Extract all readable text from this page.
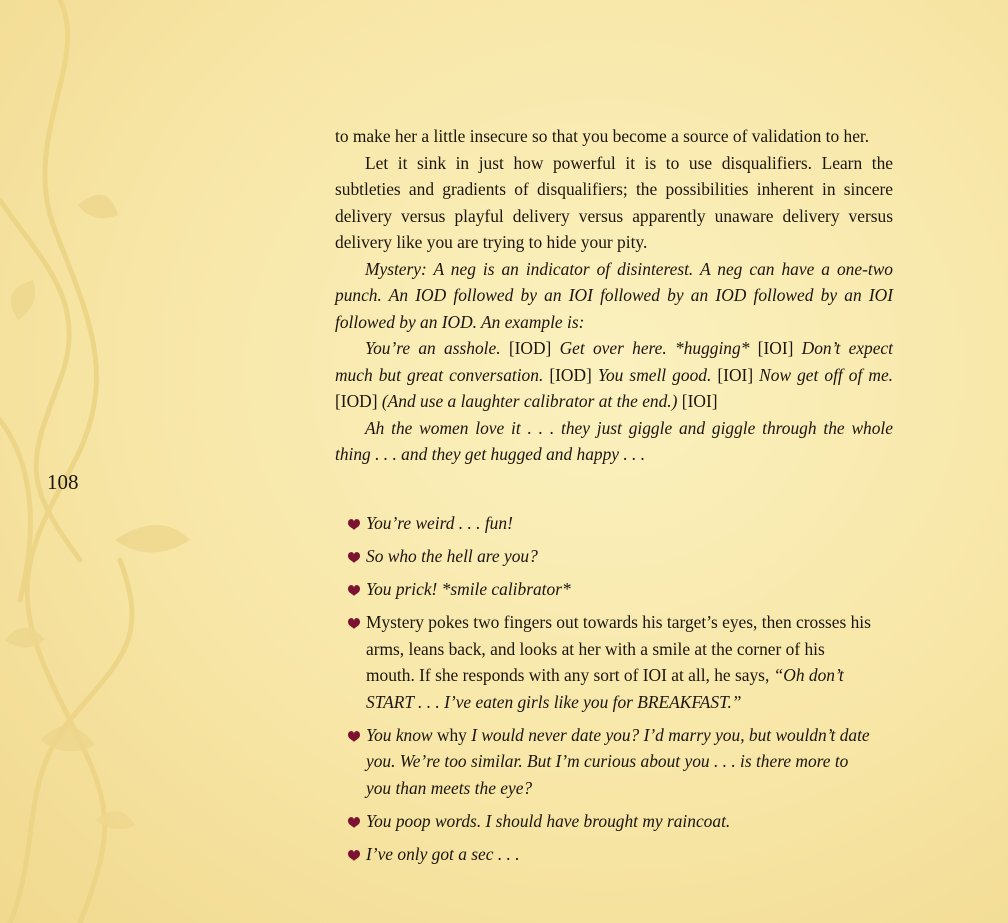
108

to make her a little insecure so that you become a source of validation to her.

Let it sink in just how powerful it is to use disqualifiers. Learn the subtleties and gradients of disqualifiers; the possibilities inherent in sincere delivery versus playful delivery versus apparently unaware delivery versus delivery like you are trying to hide your pity.

Mystery: A neg is an indicator of disinterest. A neg can have a one-two punch. An IOD followed by an IOI followed by an IOD followed by an IOI followed by an IOD. An example is:

You’re an asshole. [IOD] Get over here. *hugging* [IOI] Don’t expect much but great conversation. [IOD] You smell good. [IOI] Now get off of me. [IOD] (And use a laughter calibrator at the end.) [IOI]

Ah the women love it . . . they just giggle and giggle through the whole thing . . . and they get hugged and happy . . .

You’re weird . . . fun!
So who the hell are you?
You prick! *smile calibrator*
Mystery pokes two fingers out towards his target’s eyes, then crosses his arms, leans back, and looks at her with a smile at the corner of his mouth. If she responds with any sort of IOI at all, he says, “Oh don’t START . . . I’ve eaten girls like you for BREAKFAST.”
You know why I would never date you? I’d marry you, but wouldn’t date you. We’re too similar. But I’m curious about you . . . is there more to you than meets the eye?
You poop words. I should have brought my raincoat.
I’ve only got a sec . . .
